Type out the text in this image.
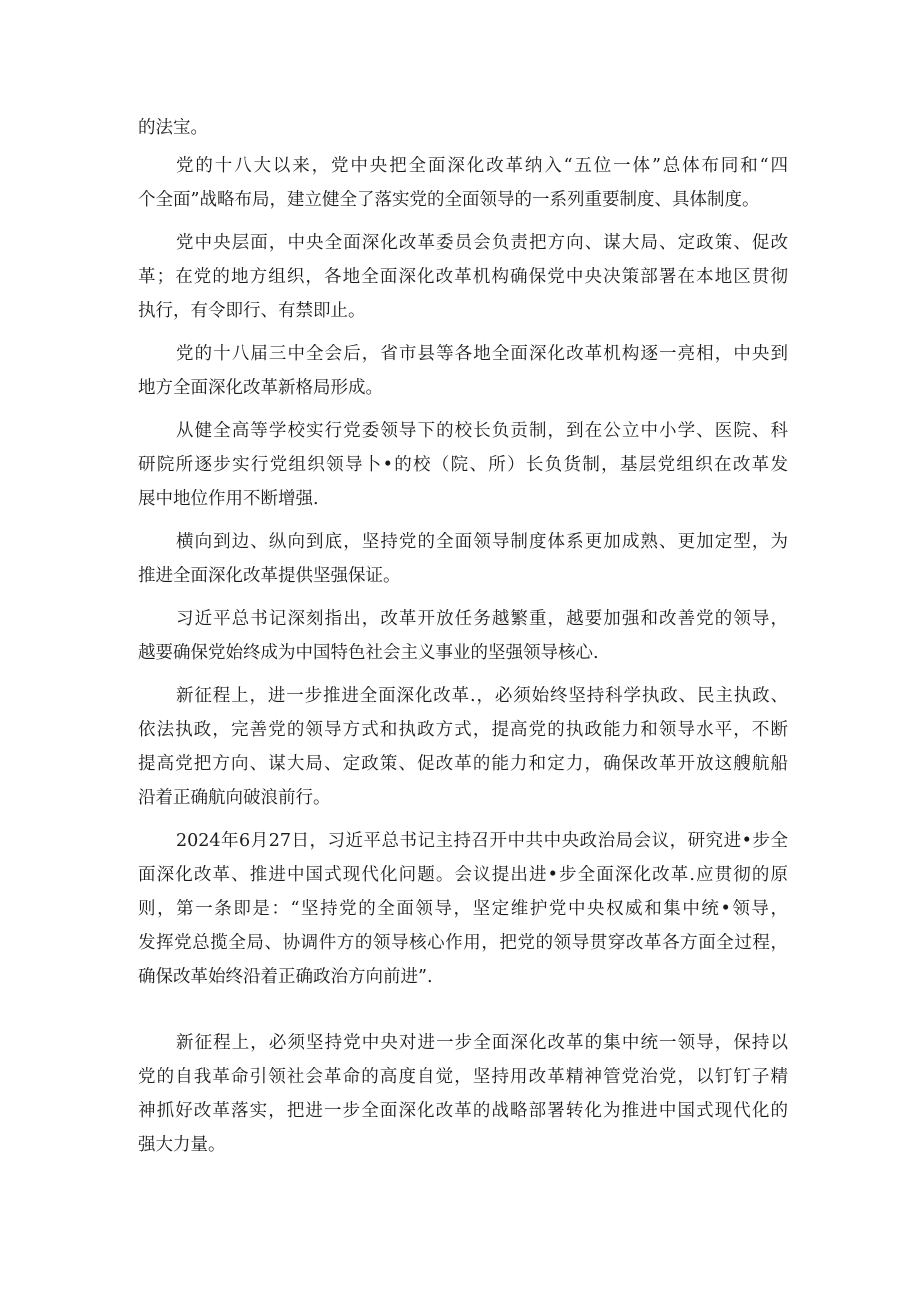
的法宝。

党的十八大以来，党中央把全面深化改革纳入“五位一体”总体布同和“四

个全面”战略布局，建立健全了落实党的全面领导的一系列重要制度、具体制度。

党中央层面，中央全面深化改革委员会负责把方向、谋大局、定政策、促改

革；在党的地方组织，各地全面深化改革机构确保党中央决策部署在本地区贯彻

执行，有令即行、有禁即止。

党的十八届三中全会后，省市县等各地全面深化改革机构逐一亮相，中央到

地方全面深化改革新格局形成。

从健全高等学校实行党委领导下的校长负贡制，到在公立中小学、医院、科

研院所逐步实行党组织领导卜•的校（院、所）长负货制，基层党组织在改革发

展中地位作用不断增强.

横向到边、纵向到底，坚持党的全面领导制度体系更加成熟、更加定型，为

推进全面深化改革提供坚强保证。

习近平总书记深刻指出，改革开放任务越繁重，越要加强和改善党的领导，

越要确保党始终成为中国特色社会主义事业的坚强领导核心.

新征程上，进一步推进全面深化改革.，必须始终坚持科学执政、民主执政、

依法执政，完善党的领导方式和执政方式，提高党的执政能力和领导水平，不断

提高党把方向、谋大局、定政策、促改革的能力和定力，确保改革开放这艘航船

沿着正确航向破浪前行。

2024年6月27日，习近平总书记主持召开中共中央政治局会议，研究进•步全

面深化改革、推进中国式现代化问题。会议提出进•步全面深化改革.应贯彻的原

则，第一条即是：“坚持党的全面领导，坚定维护党中央权威和集中统•领导，

发挥党总揽全局、协调件方的领导核心作用，把党的领导贯穿改革各方面全过程，

确保改革始终沿着正确政治方向前进”.

新征程上，必须坚持党中央对进一步全面深化改革的集中统一领导，保持以

党的自我革命引领社会革命的高度自觉，坚持用改革精神管党治党，以钉钉子精

神抓好改革落实，把进一步全面深化改革的战略部署转化为推进中国式现代化的

强大力量。
